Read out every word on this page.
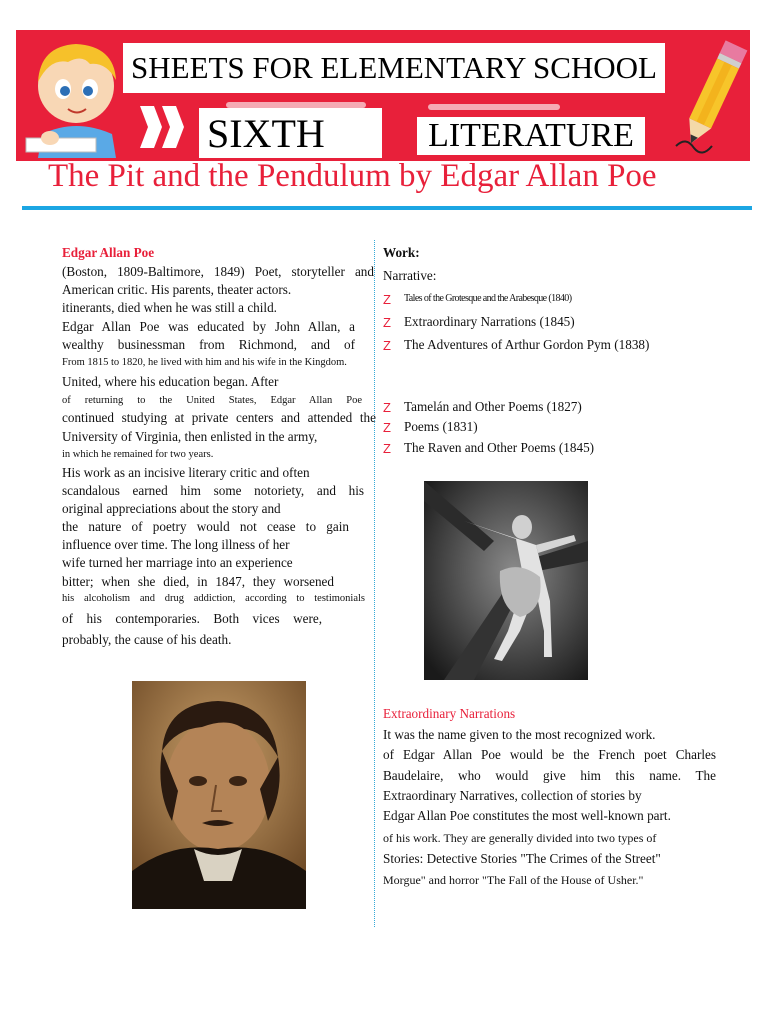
SHEETS FOR ELEMENTARY SCHOOL
SIXTH	LITERATURE
The Pit and the Pendulum by Edgar Allan Poe
Edgar Allan Poe
(Boston, 1809-Baltimore, 1849) Poet, storyteller and
American critic. His parents, theater actors.
itinerants, died when he was still a child.
Edgar Allan Poe was educated by John Allan, a
wealthy businessman from Richmond, and of
From 1815 to 1820, he lived with him and his wife in the Kingdom.
United, where his education began. After
of returning to the United States, Edgar Allan Poe
continued studying at private centers and attended the
University of Virginia, then enlisted in the army,
in which he remained for two years.
His work as an incisive literary critic and often
scandalous earned him some notoriety, and his
original appreciations about the story and
the nature of poetry would not cease to gain
influence over time. The long illness of her
wife turned her marriage into an experience
bitter; when she died, in 1847, they worsened
his alcoholism and drug addiction, according to testimonials
of his contemporaries. Both vices were,
probably, the cause of his death.
Work:
Narrative:
Z Tales of the Grotesque and the Arabesque (1840)
Z Extraordinary Narrations (1845)
Z The Adventures of Arthur Gordon Pym (1838)
Z Tamelán and Other Poems (1827)
Z Poems (1831)
Z The Raven and Other Poems (1845)
Extraordinary Narrations
It was the name given to the most recognized work.
of Edgar Allan Poe would be the French poet Charles
Baudelaire, who would give him this name. The
Extraordinary Narratives, collection of stories by
Edgar Allan Poe constitutes the most well-known part.
of his work. They are generally divided into two types of
Stories: Detective Stories "The Crimes of the Street"
Morgue" and horror "The Fall of the House of Usher."
